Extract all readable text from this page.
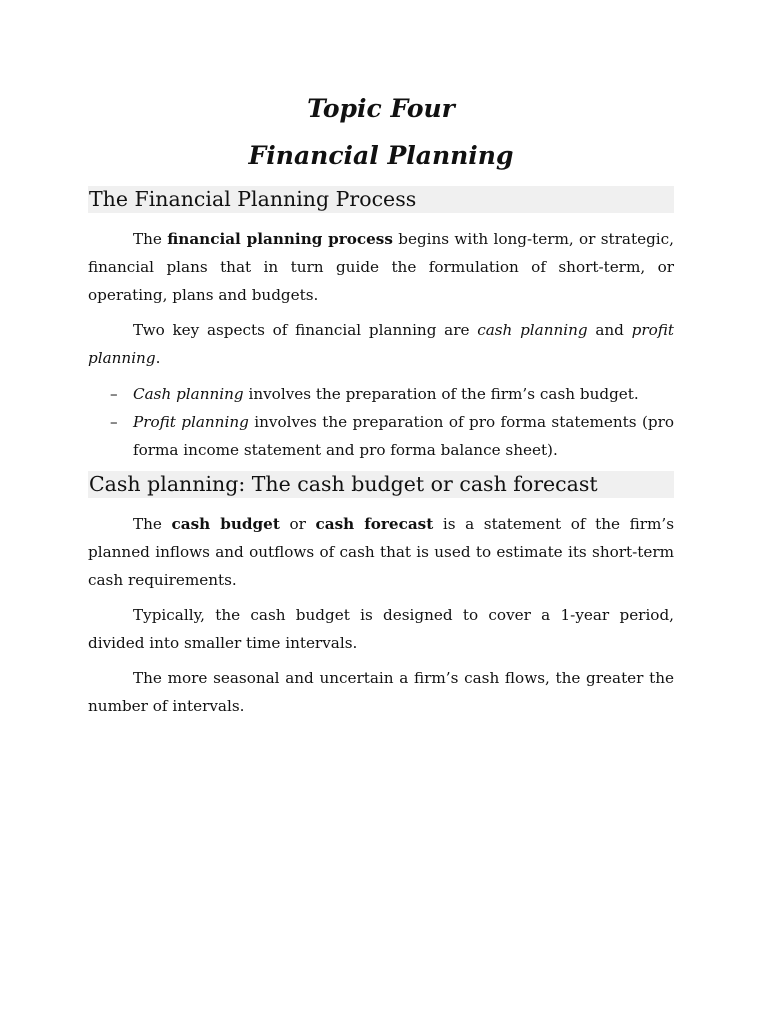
Topic Four
Financial Planning
The Financial Planning Process

The financial planning process begins with long-term, or strategic, financial plans that in turn guide the formulation of short-term, or operating, plans and budgets.

Two key aspects of financial planning are cash planning and profit planning.

– Cash planning involves the preparation of the firm’s cash budget.
– Profit planning involves the preparation of pro forma statements (pro forma income statement and pro forma balance sheet).
Cash planning: The cash budget or cash forecast

The cash budget or cash forecast is a statement of the firm’s planned inflows and outflows of cash that is used to estimate its short-term cash requirements.

Typically, the cash budget is designed to cover a 1-year period, divided into smaller time intervals.

The more seasonal and uncertain a firm’s cash flows, the greater the number of intervals.
